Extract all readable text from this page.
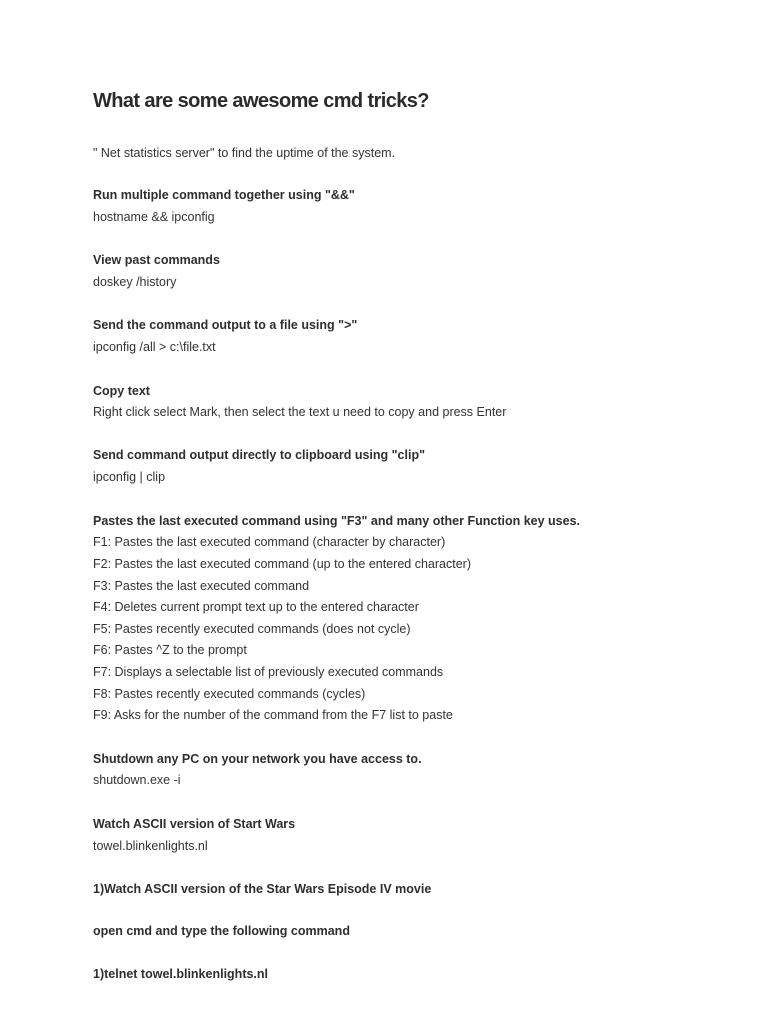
What are some awesome cmd tricks?
" Net statistics server" to find the uptime of the system.
Run multiple command together using "&&"
hostname && ipconfig
View past commands
doskey /history
Send the command output to a file using ">"
ipconfig /all > c:\file.txt
Copy text
Right click select Mark, then select the text u need to copy and press Enter
Send command output directly to clipboard using "clip"
ipconfig | clip
Pastes the last executed command using "F3" and many other Function key uses.
F1: Pastes the last executed command (character by character)
F2: Pastes the last executed command (up to the entered character)
F3: Pastes the last executed command
F4: Deletes current prompt text up to the entered character
F5: Pastes recently executed commands (does not cycle)
F6: Pastes ^Z to the prompt
F7: Displays a selectable list of previously executed commands
F8: Pastes recently executed commands (cycles)
F9: Asks for the number of the command from the F7 list to paste
Shutdown any PC on your network you have access to.
shutdown.exe -i
Watch ASCII version of Start Wars
towel.blinkenlights.nl
1)Watch ASCII version of the Star Wars Episode IV movie
open cmd and type the following command
1)telnet towel.blinkenlights.nl
